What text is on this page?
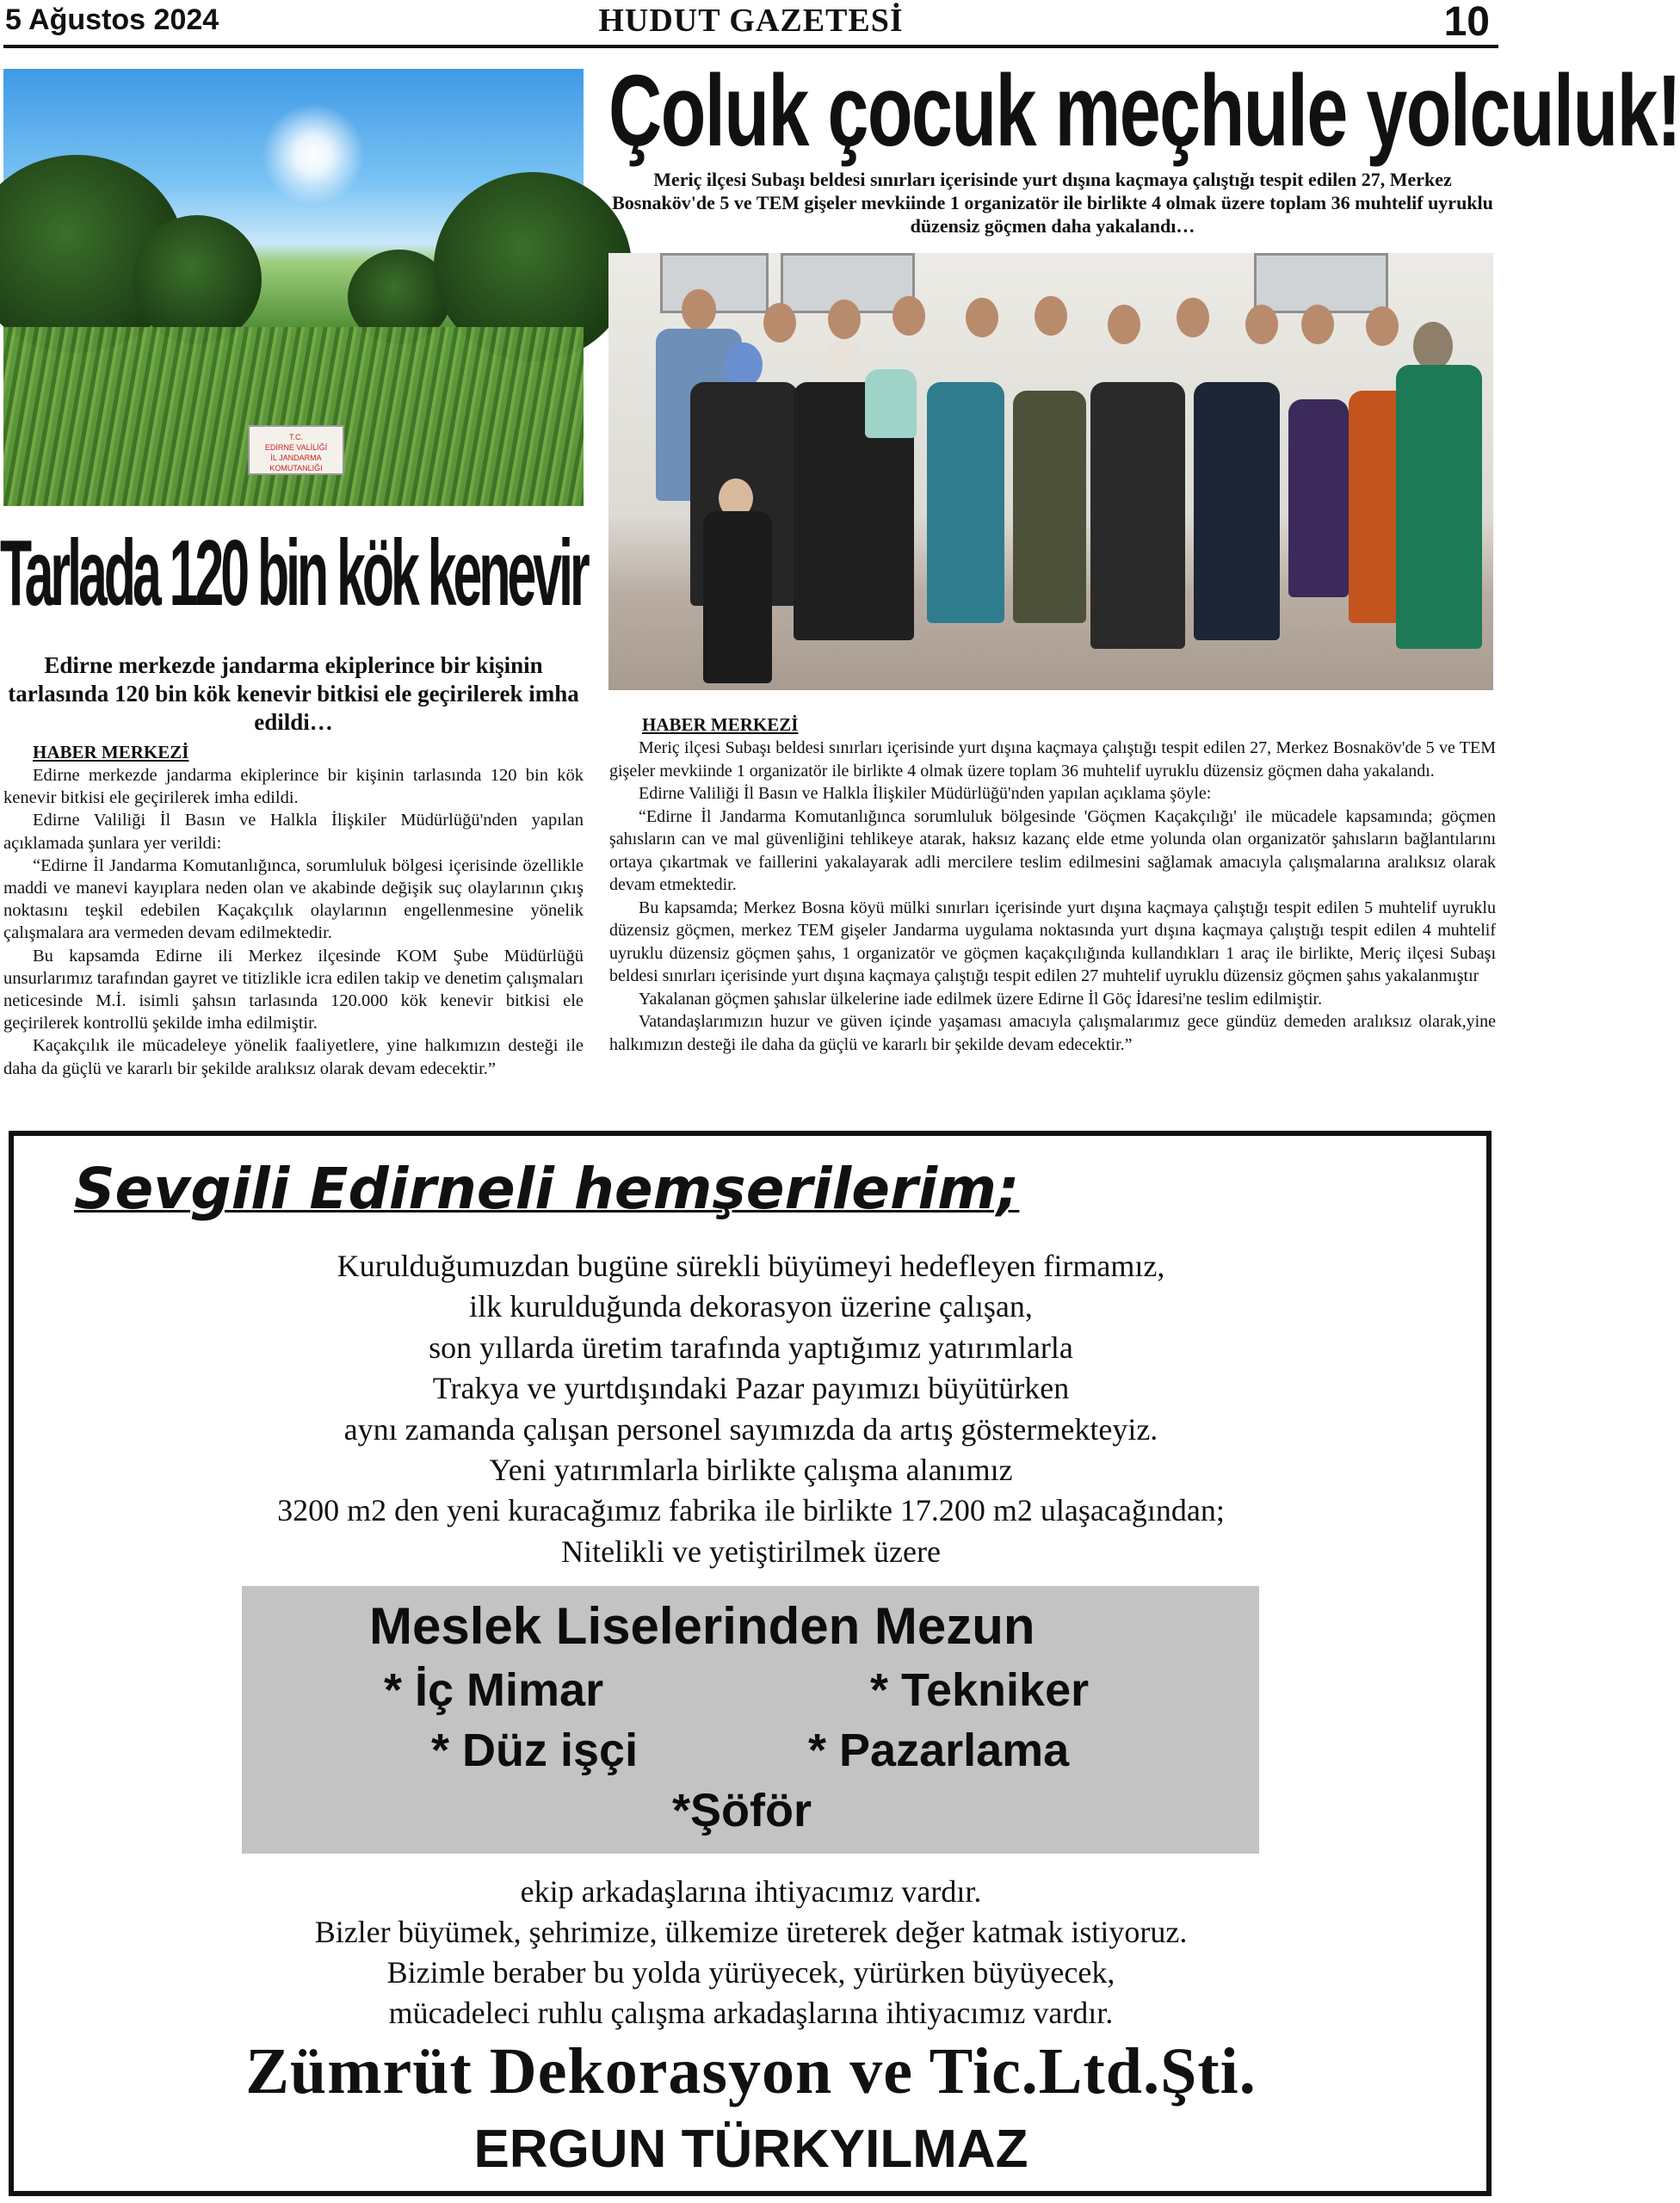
5 Ağustos 2024	HUDUT GAZETESİ	10
T.C.
EDİRNE VALİLİĞİ
İL JANDARMA KOMUTANLIĞI
Tarlada 120 bin kök kenevir
Edirne merkezde jandarma ekiplerince bir kişinin tarlasında 120 bin kök kenevir bitkisi ele geçirilerek imha edildi…
HABER MERKEZİ

Edirne merkezde jandarma ekiplerince bir kişinin tarlasında 120 bin kök kenevir bitkisi ele geçirilerek imha edildi.

Edirne Valiliği İl Basın ve Halkla İlişkiler Müdürlüğü'nden yapılan açıklamada şunlara yer verildi:

“Edirne İl Jandarma Komutanlığınca, sorumluluk bölgesi içerisinde özellikle maddi ve manevi kayıplara neden olan ve akabinde değişik suç olaylarının çıkış noktasını teşkil edebilen Kaçakçılık olaylarının engellenmesine yönelik çalışmalara ara vermeden devam edilmektedir.

Bu kapsamda Edirne ili Merkez ilçesinde KOM Şube Müdürlüğü unsurlarımız tarafından gayret ve titizlikle icra edilen takip ve denetim çalışmaları neticesinde M.İ. isimli şahsın tarlasında 120.000 kök kenevir bitkisi ele geçirilerek kontrollü şekilde imha edilmiştir.

Kaçakçılık ile mücadeleye yönelik faaliyetlere, yine halkımızın desteği ile daha da güçlü ve kararlı bir şekilde aralıksız olarak devam edecektir.”

Çoluk çocuk meçhule yolculuk!
Meriç ilçesi Subaşı beldesi sınırları içerisinde yurt dışına kaçmaya çalıştığı tespit edilen 27, Merkez Bosnaköv'de 5 ve TEM gişeler mevkiinde 1 organizatör ile birlikte 4 olmak üzere toplam 36 muhtelif uyruklu düzensiz göçmen daha yakalandı…
HABER MERKEZİ

Meriç ilçesi Subaşı beldesi sınırları içerisinde yurt dışına kaçmaya çalıştığı tespit edilen 27, Merkez Bosnaköv'de 5 ve TEM gişeler mevkiinde 1 organizatör ile birlikte 4 olmak üzere toplam 36 muhtelif uyruklu düzensiz göçmen daha yakalandı.

Edirne Valiliği İl Basın ve Halkla İlişkiler Müdürlüğü'nden yapılan açıklama şöyle:

“Edirne İl Jandarma Komutanlığınca sorumluluk bölgesinde 'Göçmen Kaçakçılığı' ile mücadele kapsamında; göçmen şahısların can ve mal güvenliğini tehlikeye atarak, haksız kazanç elde etme yolunda olan organizatör şahısların bağlantılarını ortaya çıkartmak ve faillerini yakalayarak adli mercilere teslim edilmesini sağlamak amacıyla çalışmalarına aralıksız olarak devam etmektedir.

Bu kapsamda; Merkez Bosna köyü mülki sınırları içerisinde yurt dışına kaçmaya çalıştığı tespit edilen 5 muhtelif uyruklu düzensiz göçmen, merkez TEM gişeler Jandarma uygulama noktasında yurt dışına kaçmaya çalıştığı tespit edilen 4 muhtelif uyruklu düzensiz göçmen şahıs, 1 organizatör ve göçmen kaçakçılığında kullandıkları 1 araç ile birlikte, Meriç ilçesi Subaşı beldesi sınırları içerisinde yurt dışına kaçmaya çalıştığı tespit edilen 27 muhtelif uyruklu düzensiz göçmen şahıs yakalanmıştır

Yakalanan göçmen şahıslar ülkelerine iade edilmek üzere Edirne İl Göç İdaresi'ne teslim edilmiştir.

Vatandaşlarımızın huzur ve güven içinde yaşaması amacıyla çalışmalarımız gece gündüz demeden aralıksız olarak,yine halkımızın desteği ile daha da güçlü ve kararlı bir şekilde devam edecektir.”

Sevgili Edirneli hemşerilerim;
Kurulduğumuzdan bugüne sürekli büyümeyi hedefleyen firmamız,
ilk kurulduğunda dekorasyon üzerine çalışan,
son yıllarda üretim tarafında yaptığımız yatırımlarla
Trakya ve yurtdışındaki Pazar payımızı büyütürken
aynı zamanda çalışan personel sayımızda da artış göstermekteyiz.
Yeni yatırımlarla birlikte çalışma alanımız
3200 m2 den yeni kuracağımız fabrika ile birlikte 17.200 m2 ulaşacağından;
Nitelikli ve yetiştirilmek üzere
Meslek Liselerinden Mezun
* İç Mimar	* Tekniker
* Düz işçi	* Pazarlama
*Şöför
ekip arkadaşlarına ihtiyacımız vardır.
Bizler büyümek, şehrimize, ülkemize üreterek değer katmak istiyoruz.
Bizimle beraber bu yolda yürüyecek, yürürken büyüyecek,
mücadeleci ruhlu çalışma arkadaşlarına ihtiyacımız vardır.
Zümrüt Dekorasyon ve Tic.Ltd.Şti.
ERGUN TÜRKYILMAZ
